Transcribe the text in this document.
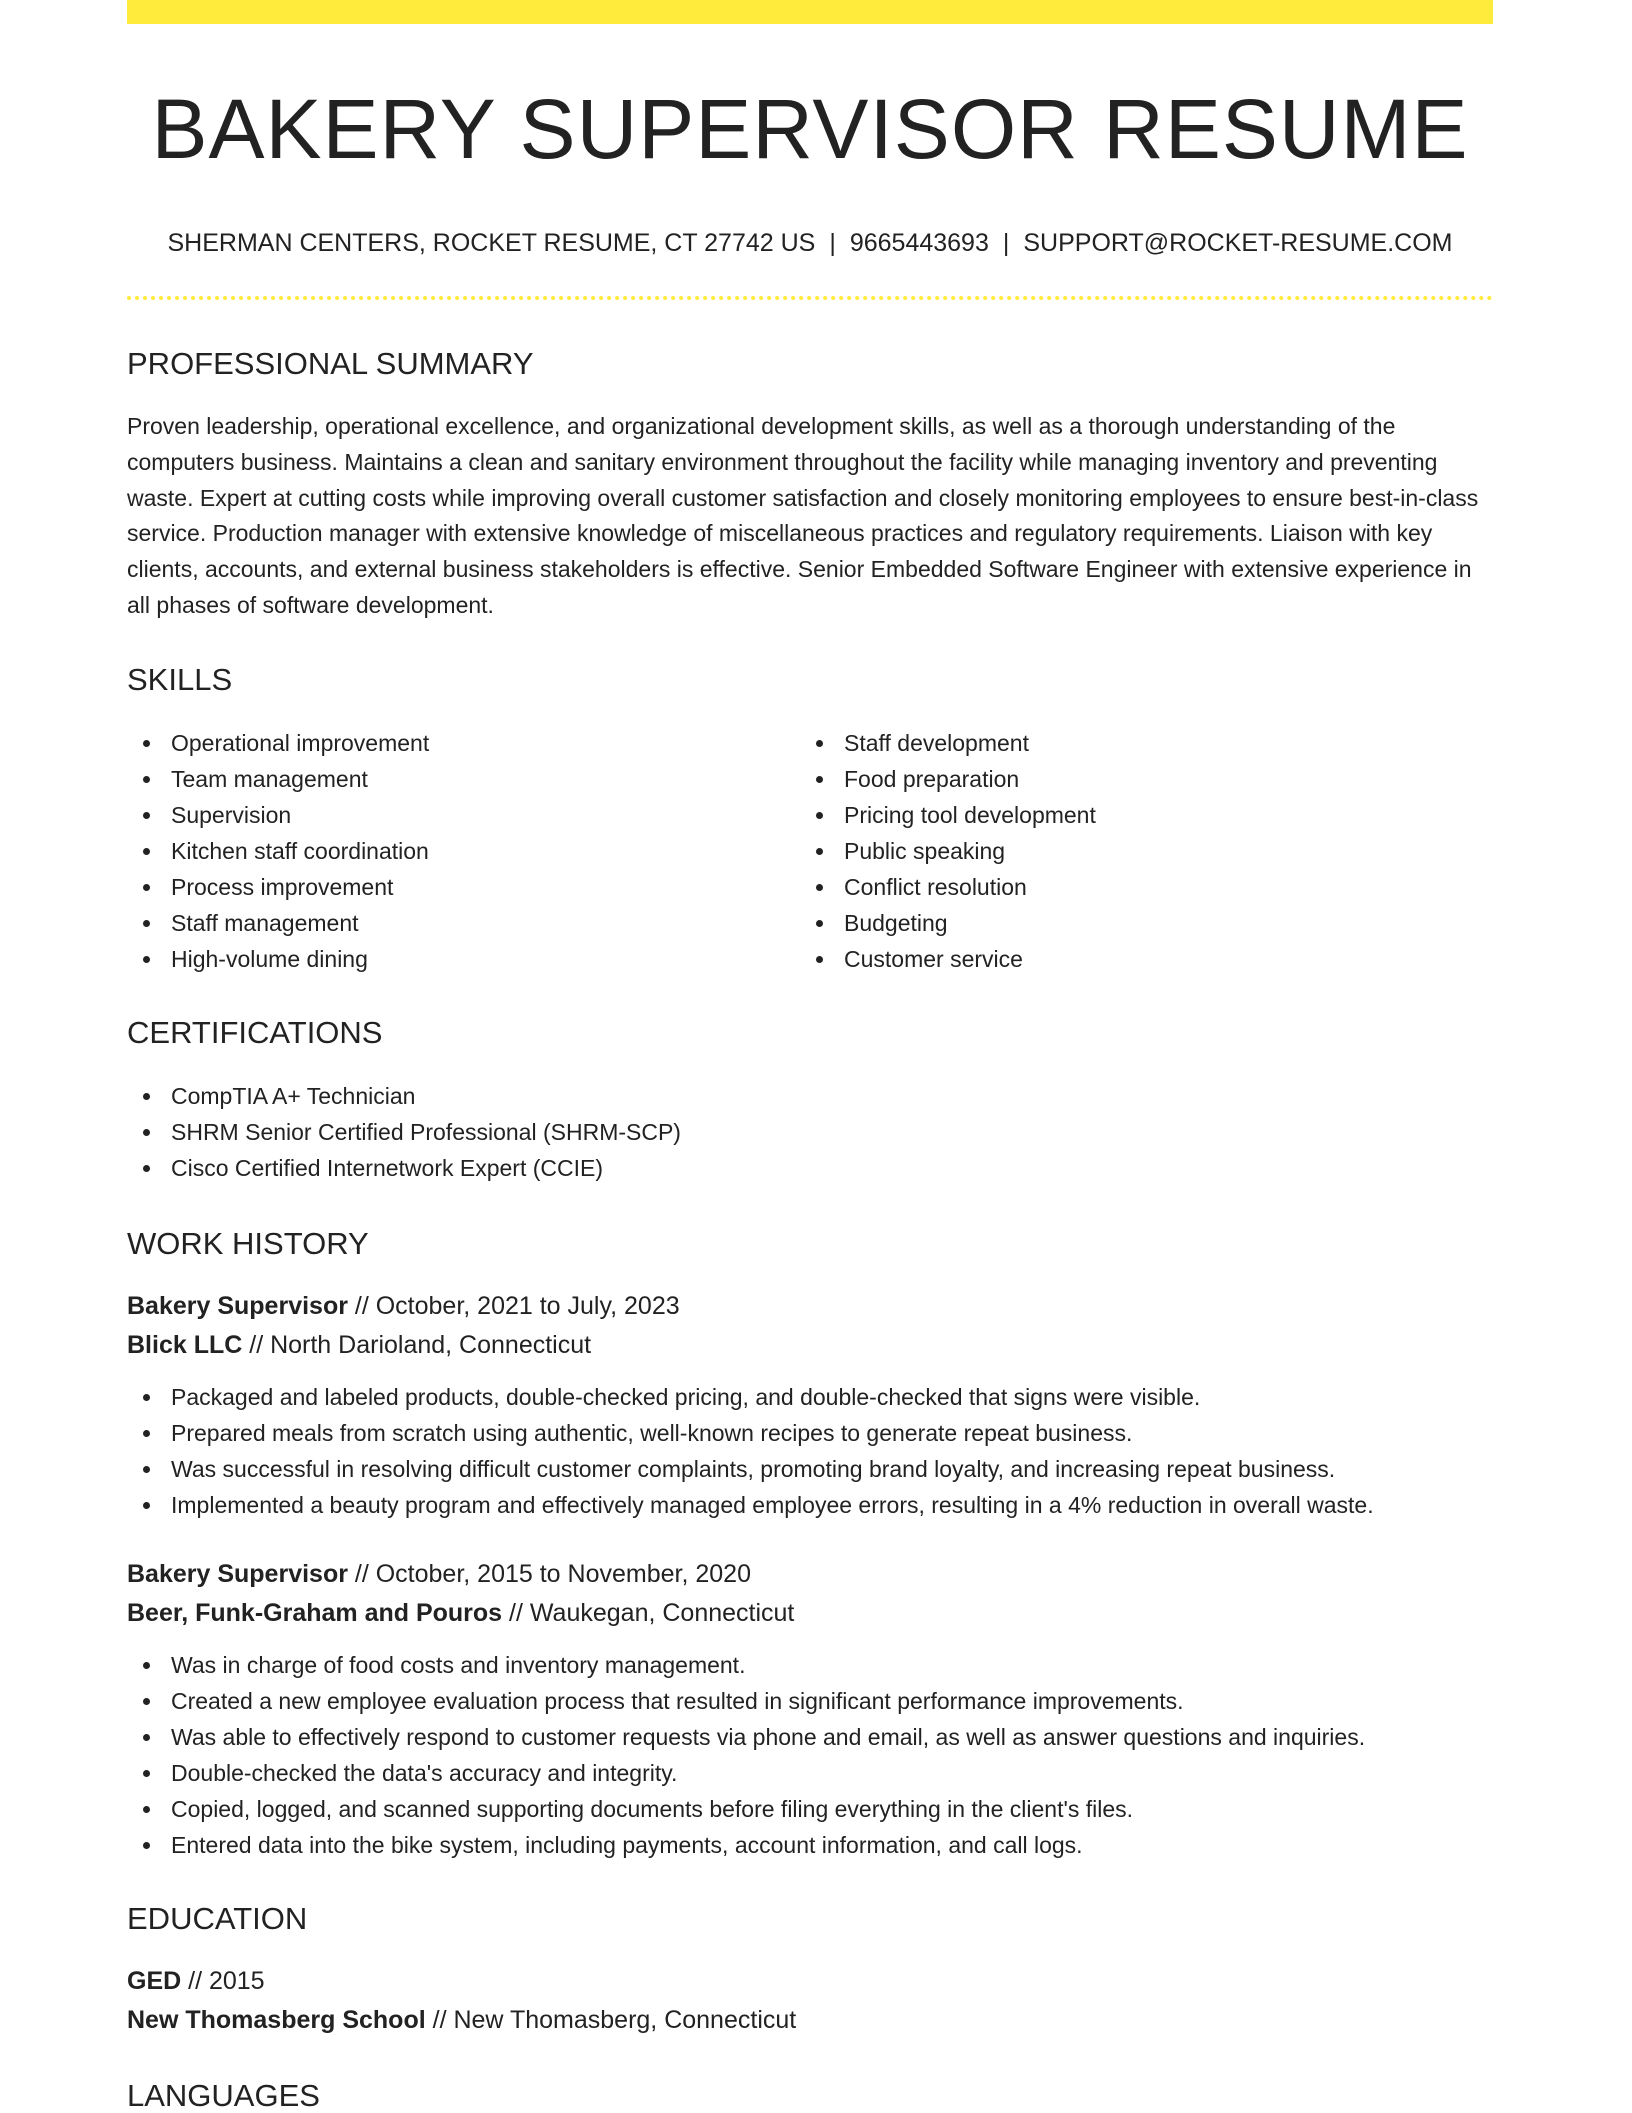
BAKERY SUPERVISOR RESUME
SHERMAN CENTERS, ROCKET RESUME, CT 27742 US | 9665443693 | SUPPORT@ROCKET-RESUME.COM
PROFESSIONAL SUMMARY

Proven leadership, operational excellence, and organizational development skills, as well as a thorough understanding of the computers business. Maintains a clean and sanitary environment throughout the facility while managing inventory and preventing waste. Expert at cutting costs while improving overall customer satisfaction and closely monitoring employees to ensure best-in-class service. Production manager with extensive knowledge of miscellaneous practices and regulatory requirements. Liaison with key clients, accounts, and external business stakeholders is effective. Senior Embedded Software Engineer with extensive experience in all phases of software development.

SKILLS
Operational improvement
Team management
Supervision
Kitchen staff coordination
Process improvement
Staff management
High-volume dining
Staff development
Food preparation
Pricing tool development
Public speaking
Conflict resolution
Budgeting
Customer service
CERTIFICATIONS
CompTIA A+ Technician
SHRM Senior Certified Professional (SHRM-SCP)
Cisco Certified Internetwork Expert (CCIE)
WORK HISTORY
Bakery Supervisor // October, 2021 to July, 2023
Blick LLC // North Darioland, Connecticut
Packaged and labeled products, double-checked pricing, and double-checked that signs were visible.
Prepared meals from scratch using authentic, well-known recipes to generate repeat business.
Was successful in resolving difficult customer complaints, promoting brand loyalty, and increasing repeat business.
Implemented a beauty program and effectively managed employee errors, resulting in a 4% reduction in overall waste.
Bakery Supervisor // October, 2015 to November, 2020
Beer, Funk-Graham and Pouros // Waukegan, Connecticut
Was in charge of food costs and inventory management.
Created a new employee evaluation process that resulted in significant performance improvements.
Was able to effectively respond to customer requests via phone and email, as well as answer questions and inquiries.
Double-checked the data's accuracy and integrity.
Copied, logged, and scanned supporting documents before filing everything in the client's files.
Entered data into the bike system, including payments, account information, and call logs.
EDUCATION
GED // 2015
New Thomasberg School // New Thomasberg, Connecticut
LANGUAGES
